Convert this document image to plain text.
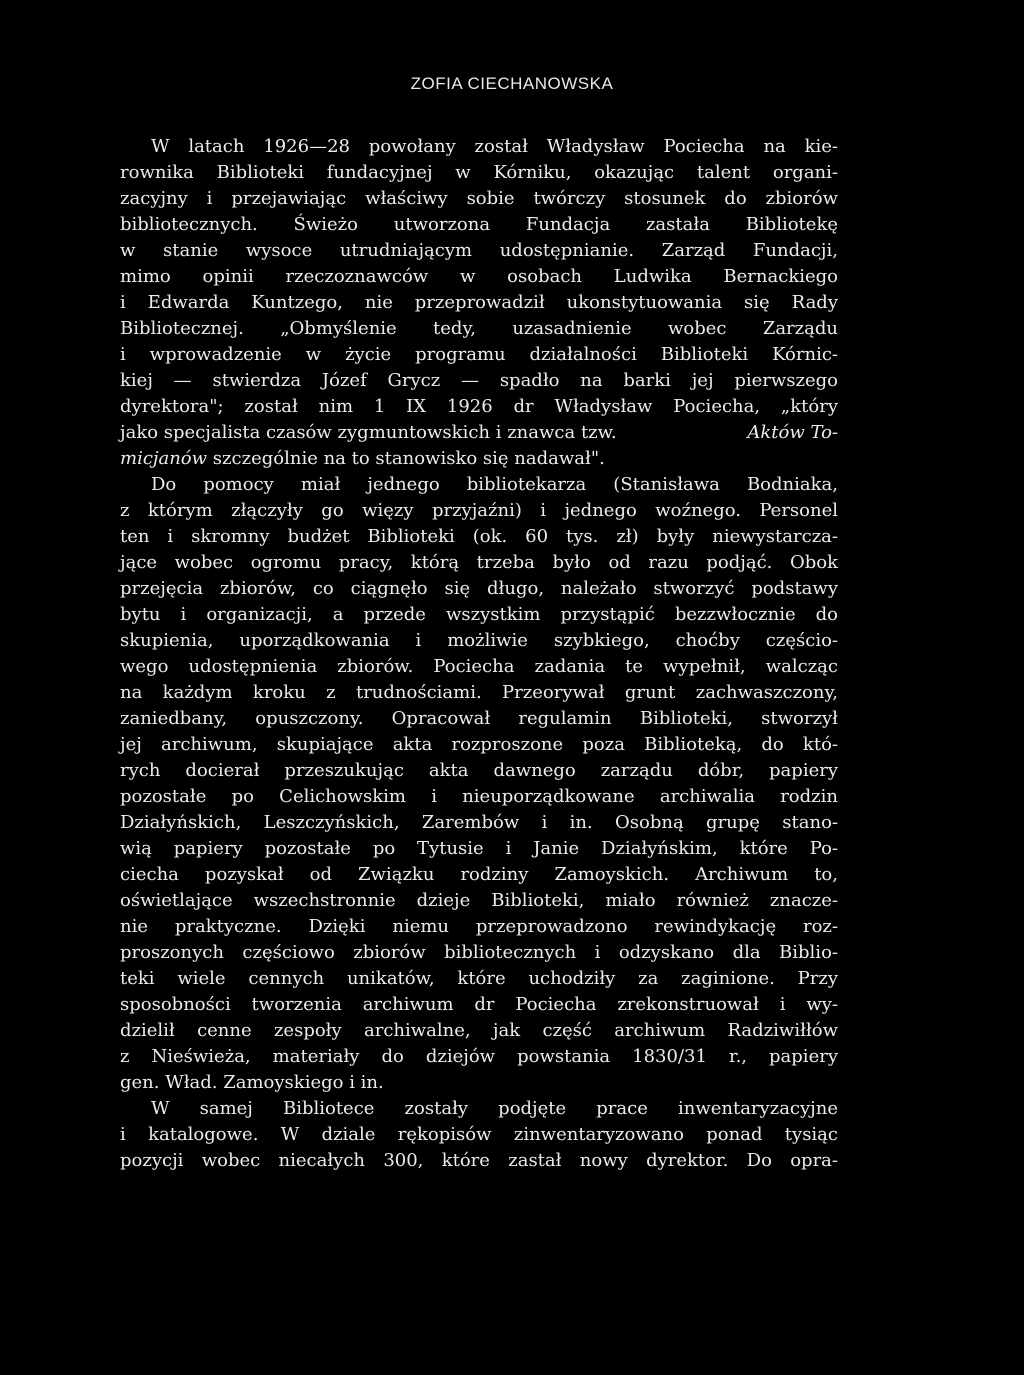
ZOFIA CIECHANOWSKA
W latach 1926—28 powołany został Władysław Pociecha na kie-
rownika Biblioteki fundacyjnej w Kórniku, okazując talent organi-
zacyjny i przejawiając właściwy sobie twórczy stosunek do zbiorów
bibliotecznych. Świeżo utworzona Fundacja zastała Bibliotekę
w stanie wysoce utrudniającym udostępnianie. Zarząd Fundacji,
mimo opinii rzeczoznawców w osobach Ludwika Bernackiego
i Edwarda Kuntzego, nie przeprowadził ukonstytuowania się Rady
Bibliotecznej. „Obmyślenie tedy, uzasadnienie wobec Zarządu
i wprowadzenie w życie programu działalności Biblioteki Kórnic-
kiej — stwierdza Józef Grycz — spadło na barki jej pierwszego
dyrektora"; został nim 1 IX 1926 dr Władysław Pociecha, „który
jako specjalista czasów zygmuntowskich i znawca tzw.	Aktów To-
micjanów szczególnie na to stanowisko się nadawał".
Do pomocy miał jednego bibliotekarza (Stanisława Bodniaka,
z którym złączyły go więzy przyjaźni) i jednego woźnego. Personel
ten i skromny budżet Biblioteki (ok. 60 tys. zł) były niewystarcza-
jące wobec ogromu pracy, którą trzeba było od razu podjąć. Obok
przejęcia zbiorów, co ciągnęło się długo, należało stworzyć podstawy
bytu i organizacji, a przede wszystkim przystąpić bezzwłocznie do
skupienia, uporządkowania i możliwie szybkiego, choćby częścio-
wego udostępnienia zbiorów. Pociecha zadania te wypełnił, walcząc
na każdym kroku z trudnościami. Przeorywał grunt zachwaszczony,
zaniedbany, opuszczony. Opracował regulamin Biblioteki, stworzył
jej archiwum, skupiające akta rozproszone poza Biblioteką, do któ-
rych docierał przeszukując akta dawnego zarządu dóbr, papiery
pozostałe po Celichowskim i nieuporządkowane archiwalia rodzin
Działyńskich, Leszczyńskich, Zarembów i in. Osobną grupę stano-
wią papiery pozostałe po Tytusie i Janie Działyńskim, które Po-
ciecha pozyskał od Związku rodziny Zamoyskich. Archiwum to,
oświetlające wszechstronnie dzieje Biblioteki, miało również znacze-
nie praktyczne. Dzięki niemu przeprowadzono rewindykację roz-
proszonych częściowo zbiorów bibliotecznych i odzyskano dla Biblio-
teki wiele cennych unikatów, które uchodziły za zaginione. Przy
sposobności tworzenia archiwum dr Pociecha zrekonstruował i wy-
dzielił cenne zespoły archiwalne, jak część archiwum Radziwiłłów
z Nieświeża, materiały do dziejów powstania 1830/31 r., papiery
gen. Wład. Zamoyskiego i in.
W samej Bibliotece zostały podjęte prace inwentaryzacyjne
i katalogowe. W dziale rękopisów zinwentaryzowano ponad tysiąc
pozycji wobec niecałych 300, które zastał nowy dyrektor. Do opra-
